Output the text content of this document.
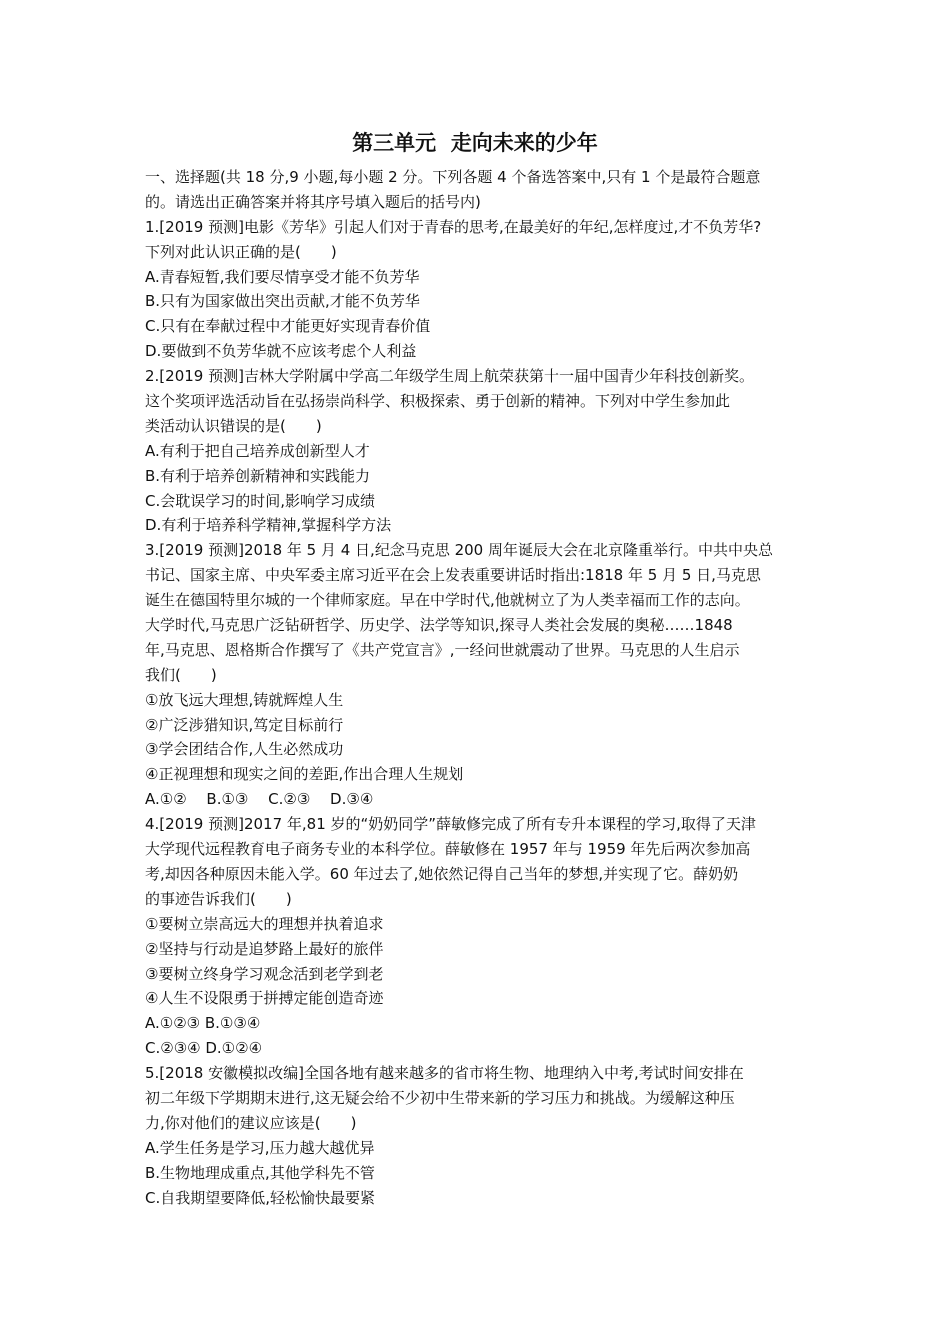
第三单元  走向未来的少年
一、选择题(共 18 分,9 小题,每小题 2 分。下列各题 4 个备选答案中,只有 1 个是最符合题意
的。请选出正确答案并将其序号填入题后的括号内)
1.[2019 预测]电影《芳华》引起人们对于青春的思考,在最美好的年纪,怎样度过,才不负芳华?
下列对此认识正确的是(　　)
A.青春短暂,我们要尽情享受才能不负芳华
B.只有为国家做出突出贡献,才能不负芳华
C.只有在奉献过程中才能更好实现青春价值
D.要做到不负芳华就不应该考虑个人利益
2.[2019 预测]吉林大学附属中学高二年级学生周上航荣获第十一届中国青少年科技创新奖。
这个奖项评选活动旨在弘扬崇尚科学、积极探索、勇于创新的精神。下列对中学生参加此
类活动认识错误的是(　　)
A.有利于把自己培养成创新型人才
B.有利于培养创新精神和实践能力
C.会耽误学习的时间,影响学习成绩
D.有利于培养科学精神,掌握科学方法
3.[2019 预测]2018 年 5 月 4 日,纪念马克思 200 周年诞辰大会在北京隆重举行。中共中央总
书记、国家主席、中央军委主席习近平在会上发表重要讲话时指出:1818 年 5 月 5 日,马克思
诞生在德国特里尔城的一个律师家庭。早在中学时代,他就树立了为人类幸福而工作的志向。
大学时代,马克思广泛钻研哲学、历史学、法学等知识,探寻人类社会发展的奥秘……1848
年,马克思、恩格斯合作撰写了《共产党宣言》,一经问世就震动了世界。马克思的人生启示
我们(　　)
①放飞远大理想,铸就辉煌人生
②广泛涉猎知识,笃定目标前行
③学会团结合作,人生必然成功
④正视理想和现实之间的差距,作出合理人生规划
A.①②　 B.①③　 C.②③　 D.③④
4.[2019 预测]2017 年,81 岁的“奶奶同学”薛敏修完成了所有专升本课程的学习,取得了天津
大学现代远程教育电子商务专业的本科学位。薛敏修在 1957 年与 1959 年先后两次参加高
考,却因各种原因未能入学。60 年过去了,她依然记得自己当年的梦想,并实现了它。薛奶奶
的事迹告诉我们(　　)
①要树立崇高远大的理想并执着追求
②坚持与行动是追梦路上最好的旅伴
③要树立终身学习观念活到老学到老
④人生不设限勇于拼搏定能创造奇迹
A.①②③ B.①③④
C.②③④ D.①②④
5.[2018 安徽模拟改编]全国各地有越来越多的省市将生物、地理纳入中考,考试时间安排在
初二年级下学期期末进行,这无疑会给不少初中生带来新的学习压力和挑战。为缓解这种压
力,你对他们的建议应该是(　　)
A.学生任务是学习,压力越大越优异
B.生物地理成重点,其他学科先不管
C.自我期望要降低,轻松愉快最要紧
